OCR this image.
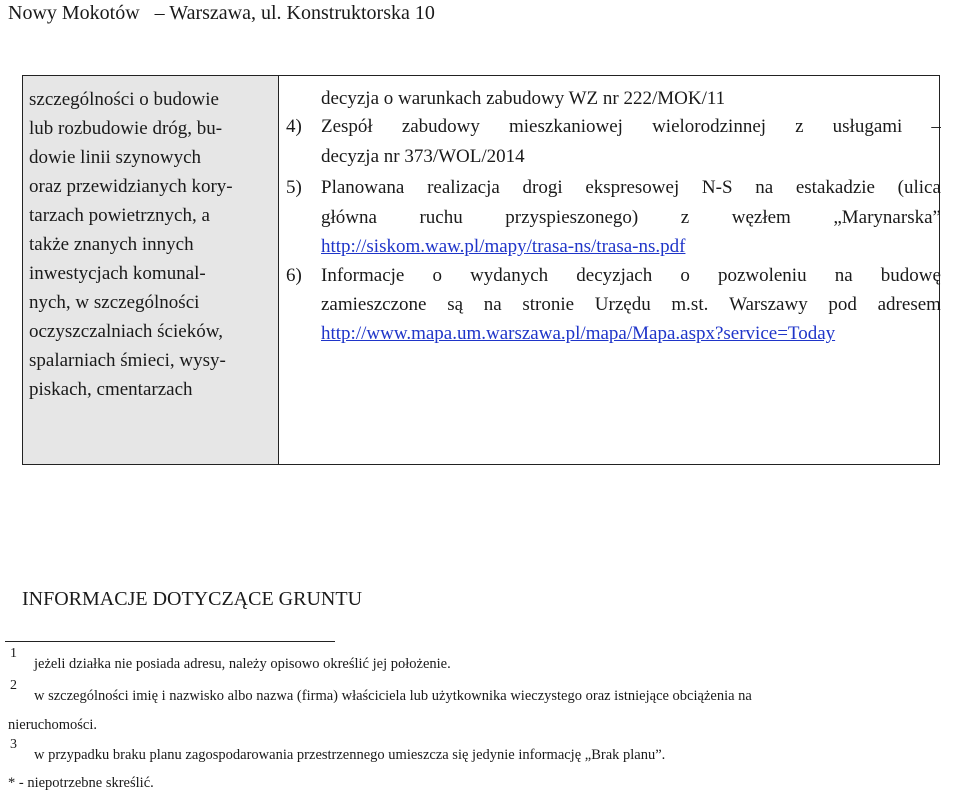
Nowy Mokotów   – Warszawa, ul. Konstruktorska 10
szczególności o budowie
lub rozbudowie dróg, bu-
dowie linii szynowych
oraz przewidzianych kory-
tarzach powietrznych, a
także znanych innych
inwestycjach komunal-
nych, w szczególności
oczyszczalniach ścieków,
spalarniach śmieci, wysy-
piskach, cmentarzach
decyzja o warunkach zabudowy WZ nr 222/MOK/11
4) Zespół zabudowy mieszkaniowej wielorodzinnej z usługami –
decyzja nr 373/WOL/2014
5) Planowana realizacja drogi ekspresowej N-S na estakadzie (ulica
główna ruchu przyspieszonego) z węzłem „Marynarska”
http://siskom.waw.pl/mapy/trasa-ns/trasa-ns.pdf
6) Informacje o wydanych decyzjach o pozwoleniu na budowę
zamieszczone są na stronie Urzędu m.st. Warszawy pod adresem
http://www.mapa.um.warszawa.pl/mapa/Mapa.aspx?service=Today
INFORMACJE DOTYCZĄCE GRUNTU
1
jeżeli działka nie posiada adresu, należy opisowo określić jej położenie.
2
w szczególności imię i nazwisko albo nazwa (firma) właściciela lub użytkownika wieczystego oraz istniejące obciążenia na
nieruchomości.
3
w przypadku braku planu zagospodarowania przestrzennego umieszcza się jedynie informację „Brak planu”.
* - niepotrzebne skreślić.
